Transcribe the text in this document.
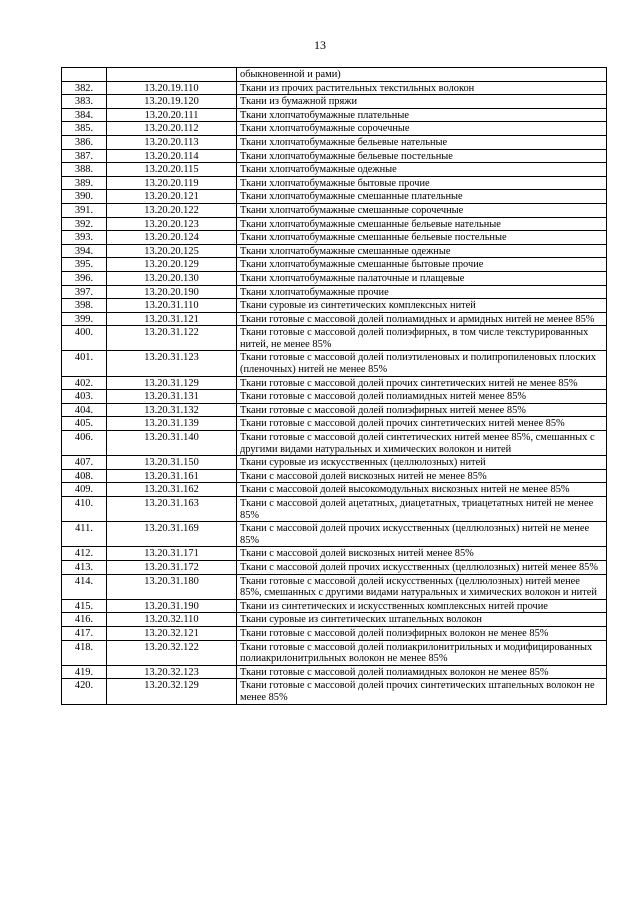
13
		обыкновенной и рами)
382.	13.20.19.110	Ткани из прочих растительных текстильных волокон
383.	13.20.19.120	Ткани из бумажной пряжи
384.	13.20.20.111	Ткани хлопчатобумажные плательные
385.	13.20.20.112	Ткани хлопчатобумажные сорочечные
386.	13.20.20.113	Ткани хлопчатобумажные бельевые нательные
387.	13.20.20.114	Ткани хлопчатобумажные бельевые постельные
388.	13.20.20.115	Ткани хлопчатобумажные одежные
389.	13.20.20.119	Ткани хлопчатобумажные бытовые прочие
390.	13.20.20.121	Ткани хлопчатобумажные смешанные плательные
391.	13.20.20.122	Ткани хлопчатобумажные смешанные сорочечные
392.	13.20.20.123	Ткани хлопчатобумажные смешанные бельевые нательные
393.	13.20.20.124	Ткани хлопчатобумажные смешанные бельевые постельные
394.	13.20.20.125	Ткани хлопчатобумажные смешанные одежные
395.	13.20.20.129	Ткани хлопчатобумажные смешанные бытовые прочие
396.	13.20.20.130	Ткани хлопчатобумажные палаточные и плащевые
397.	13.20.20.190	Ткани хлопчатобумажные прочие
398.	13.20.31.110	Ткани суровые из синтетических комплексных нитей
399.	13.20.31.121	Ткани готовые с массовой долей полиамидных и армидных нитей не менее 85%
400.	13.20.31.122	Ткани готовые с массовой долей полиэфирных, в том числе текстурированных нитей, не менее 85%
401.	13.20.31.123	Ткани готовые с массовой долей полиэтиленовых и полипропиленовых плоских (пленочных) нитей не менее 85%
402.	13.20.31.129	Ткани готовые с массовой долей прочих синтетических нитей не менее 85%
403.	13.20.31.131	Ткани готовые с массовой долей полиамидных нитей менее 85%
404.	13.20.31.132	Ткани готовые с массовой долей полиэфирных нитей менее 85%
405.	13.20.31.139	Ткани готовые с массовой долей прочих синтетических нитей менее 85%
406.	13.20.31.140	Ткани готовые с массовой долей синтетических нитей менее 85%, смешанных с другими видами натуральных и химических волокон и нитей
407.	13.20.31.150	Ткани суровые из искусственных (целлюлозных) нитей
408.	13.20.31.161	Ткани с массовой долей вискозных нитей не менее 85%
409.	13.20.31.162	Ткани с массовой долей высокомодульных вискозных нитей не менее 85%
410.	13.20.31.163	Ткани с массовой долей ацетатных, диацетатных, триацетатных нитей не менее 85%
411.	13.20.31.169	Ткани с массовой долей прочих искусственных (целлюлозных) нитей не менее 85%
412.	13.20.31.171	Ткани с массовой долей вискозных нитей менее 85%
413.	13.20.31.172	Ткани с массовой долей прочих искусственных (целлюлозных) нитей менее 85%
414.	13.20.31.180	Ткани готовые с массовой долей искусственных (целлюлозных) нитей менее 85%, смешанных с другими видами натуральных и химических волокон и нитей
415.	13.20.31.190	Ткани из синтетических и искусственных комплексных нитей прочие
416.	13.20.32.110	Ткани суровые из синтетических штапельных волокон
417.	13.20.32.121	Ткани готовые с массовой долей полиэфирных волокон не менее 85%
418.	13.20.32.122	Ткани готовые с массовой долей полиакрилонитрильных и модифицированных полиакрилонитрильных волокон не менее 85%
419.	13.20.32.123	Ткани готовые с массовой долей полиамидных волокон не менее 85%
420.	13.20.32.129	Ткани готовые с массовой долей прочих синтетических штапельных волокон не менее 85%
